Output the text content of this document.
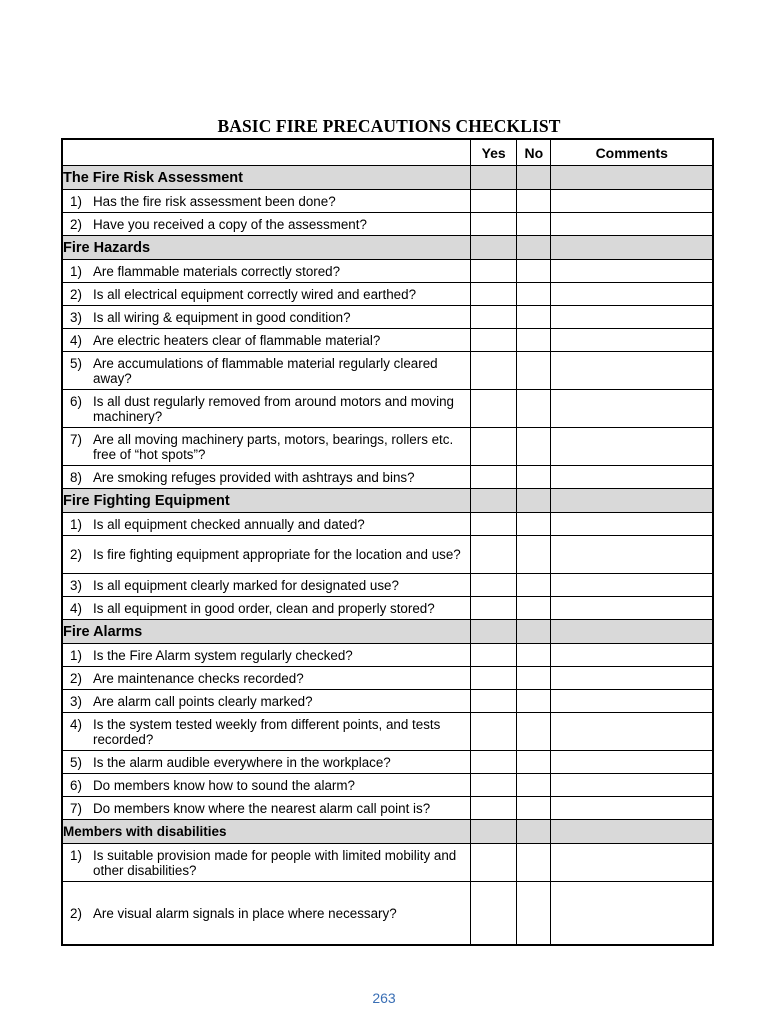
BASIC FIRE PRECAUTIONS CHECKLIST
	Yes	No	Comments
The Fire Risk Assessment			

1) Has the fire risk assessment been done?			

2) Have you received a copy of the assessment?			

Fire Hazards			

1) Are flammable materials correctly stored?			

2) Is all electrical equipment correctly wired and earthed?			

3) Is all wiring & equipment in good condition?			

4) Are electric heaters clear of flammable material?			

5) Are accumulations of flammable material regularly cleared away?			

6) Is all dust regularly removed from around motors and moving machinery?			

7) Are all moving machinery parts, motors, bearings, rollers etc. free of “hot spots”?			

8) Are smoking refuges provided with ashtrays and bins?			

Fire Fighting Equipment			

1) Is all equipment checked annually and dated?			

2) Is fire fighting equipment appropriate for the location and use?			

3) Is all equipment clearly marked for designated use?			

4) Is all equipment in good order, clean and properly stored?			

Fire Alarms			

1) Is the Fire Alarm system regularly checked?			

2) Are maintenance checks recorded?			

3) Are alarm call points clearly marked?			

4) Is the system tested weekly from different points, and tests recorded?			

5) Is the alarm audible everywhere in the workplace?			

6) Do members know how to sound the alarm?			

7) Do members know where the nearest alarm call point is?			

Members with disabilities			

1) Is suitable provision made for people with limited mobility and other disabilities?			

2) Are visual alarm signals in place where necessary?			

263
